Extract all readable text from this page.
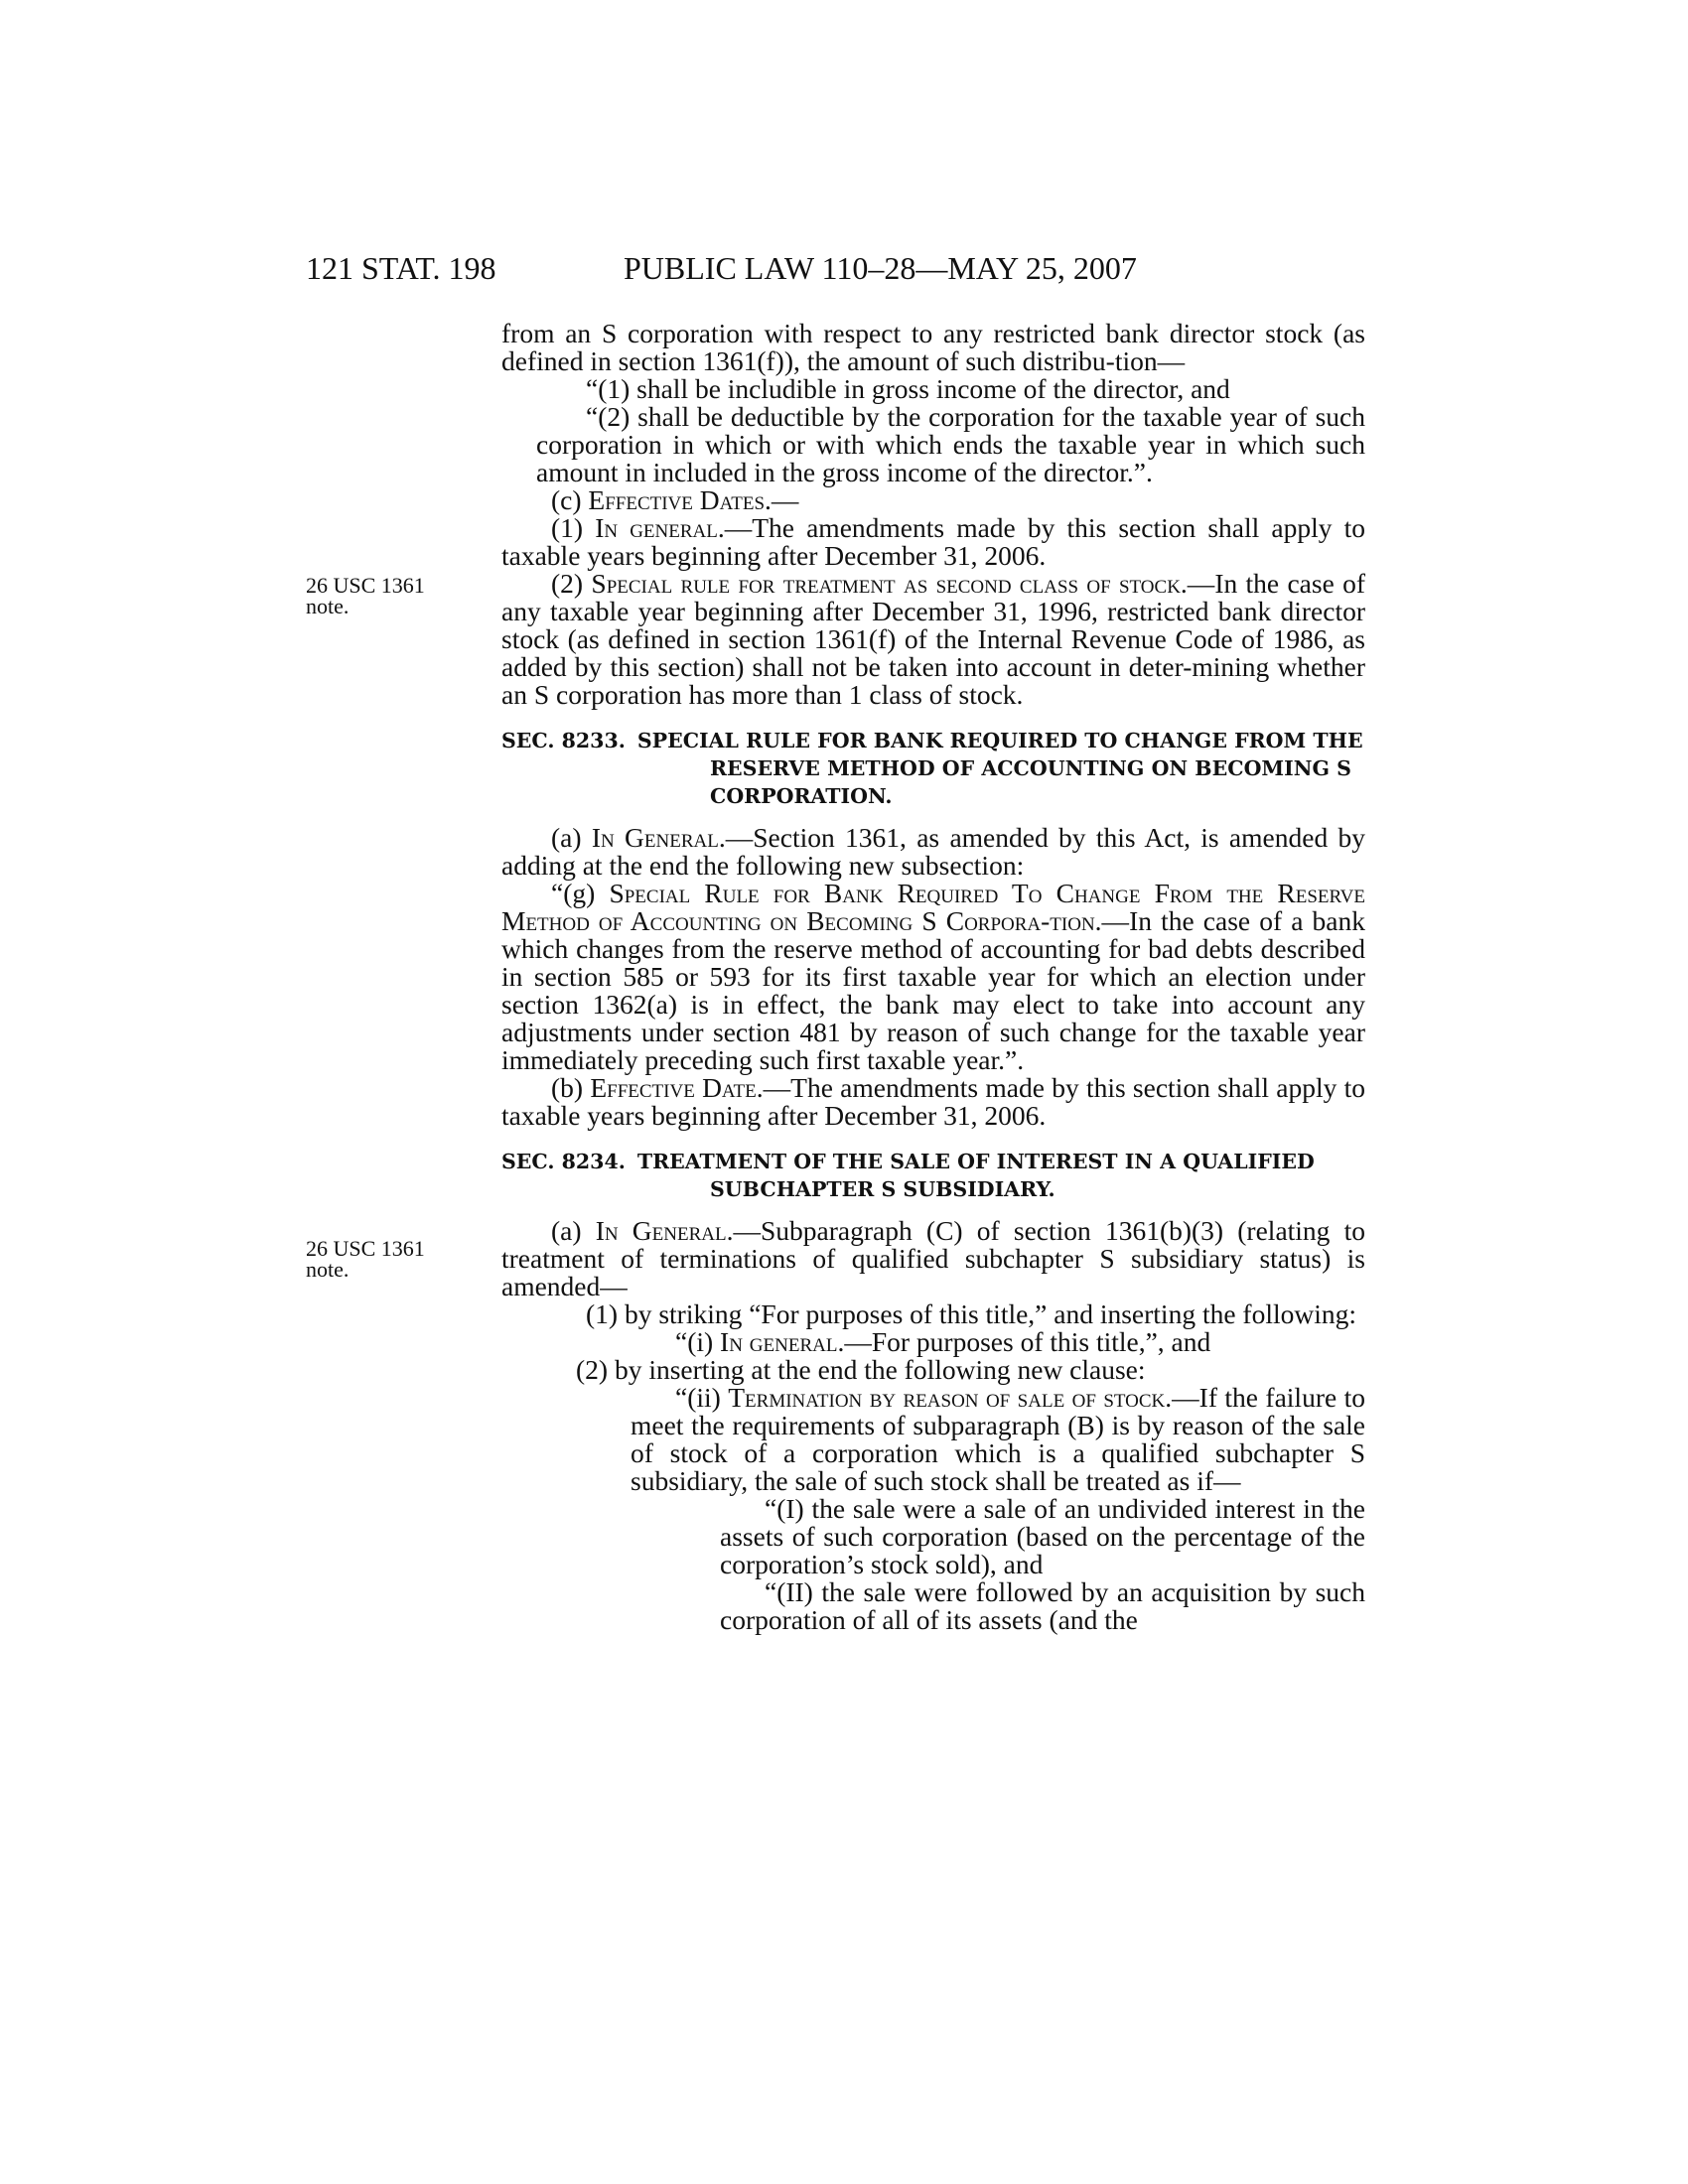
121 STAT. 198	PUBLIC LAW 110–28—MAY 25, 2007
26 USC 1361
note.
26 USC 1361
note.

from an S corporation with respect to any restricted bank director stock (as defined in section 1361(f)), the amount of such distribu-tion—

“(1) shall be includible in gross income of the director, and

“(2) shall be deductible by the corporation for the taxable year of such corporation in which or with which ends the taxable year in which such amount in included in the gross income of the director.”.

(c) Effective Dates.—

(1) In general.—The amendments made by this section shall apply to taxable years beginning after December 31, 2006.

(2) Special rule for treatment as second class of stock.—In the case of any taxable year beginning after December 31, 1996, restricted bank director stock (as defined in section 1361(f) of the Internal Revenue Code of 1986, as added by this section) shall not be taken into account in deter-mining whether an S corporation has more than 1 class of stock.

SEC. 8233. SPECIAL RULE FOR BANK REQUIRED TO CHANGE FROM THE RESERVE METHOD OF ACCOUNTING ON BECOMING S CORPORATION.

(a) In General.—Section 1361, as amended by this Act, is amended by adding at the end the following new subsection:

“(g) Special Rule for Bank Required To Change From the Reserve Method of Accounting on Becoming S Corpora-tion.—In the case of a bank which changes from the reserve method of accounting for bad debts described in section 585 or 593 for its first taxable year for which an election under section 1362(a) is in effect, the bank may elect to take into account any adjustments under section 481 by reason of such change for the taxable year immediately preceding such first taxable year.”.

(b) Effective Date.—The amendments made by this section shall apply to taxable years beginning after December 31, 2006.

SEC. 8234. TREATMENT OF THE SALE OF INTEREST IN A QUALIFIED SUBCHAPTER S SUBSIDIARY.

(a) In General.—Subparagraph (C) of section 1361(b)(3) (relating to treatment of terminations of qualified subchapter S subsidiary status) is amended—

(1) by striking “For purposes of this title,” and inserting the following:

“(i) In general.—For purposes of this title,”, and

(2) by inserting at the end the following new clause:

“(ii) Termination by reason of sale of stock.—If the failure to meet the requirements of subparagraph (B) is by reason of the sale of stock of a corporation which is a qualified subchapter S subsidiary, the sale of such stock shall be treated as if—

“(I) the sale were a sale of an undivided interest in the assets of such corporation (based on the percentage of the corporation’s stock sold), and

“(II) the sale were followed by an acquisition by such corporation of all of its assets (and the
